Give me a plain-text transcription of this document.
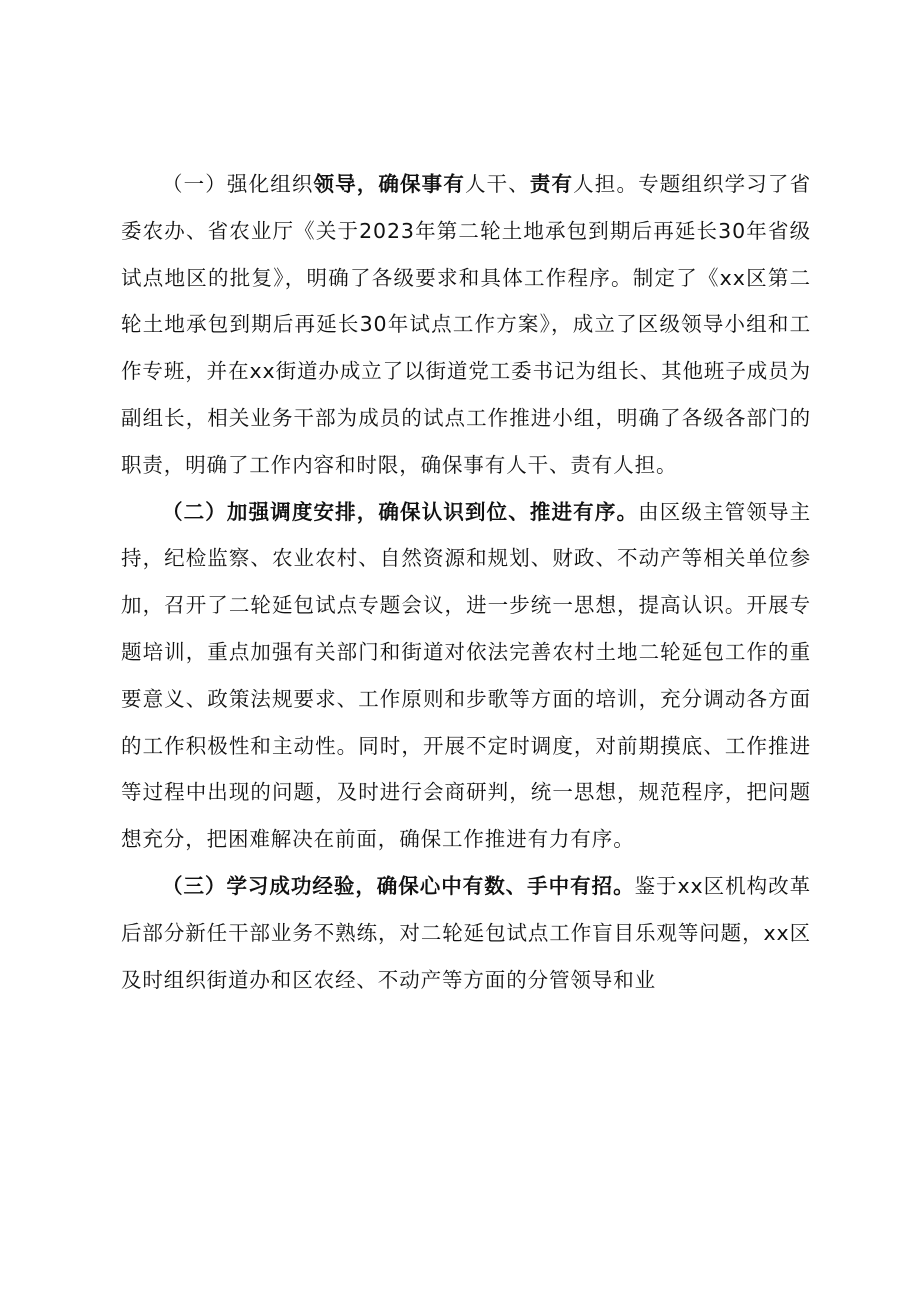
（一）强化组织领导，确保事有人干、责有人担。专题组织学习了省委农办、省农业厅《关于2023年第二轮土地承包到期后再延长30年省级试点地区的批复》，明确了各级要求和具体工作程序。制定了《xx区第二轮土地承包到期后再延长30年试点工作方案》，成立了区级领导小组和工作专班，并在xx街道办成立了以街道党工委书记为组长、其他班子成员为副组长，相关业务干部为成员的试点工作推进小组，明确了各级各部门的职责，明确了工作内容和时限，确保事有人干、责有人担。

（二）加强调度安排，确保认识到位、推进有序。由区级主管领导主持，纪检监察、农业农村、自然资源和规划、财政、不动产等相关单位参加，召开了二轮延包试点专题会议，进一步统一思想，提高认识。开展专题培训，重点加强有关部门和街道对依法完善农村土地二轮延包工作的重要意义、政策法规要求、工作原则和步歌等方面的培训，充分调动各方面的工作积极性和主动性。同时，开展不定时调度，对前期摸底、工作推进等过程中出现的问题，及时进行会商研判，统一思想，规范程序，把问题想充分，把困难解决在前面，确保工作推进有力有序。

（三）学习成功经验，确保心中有数、手中有招。鉴于xx区机构改革后部分新任干部业务不熟练，对二轮延包试点工作盲目乐观等问题，xx区及时组织街道办和区农经、不动产等方面的分管领导和业
